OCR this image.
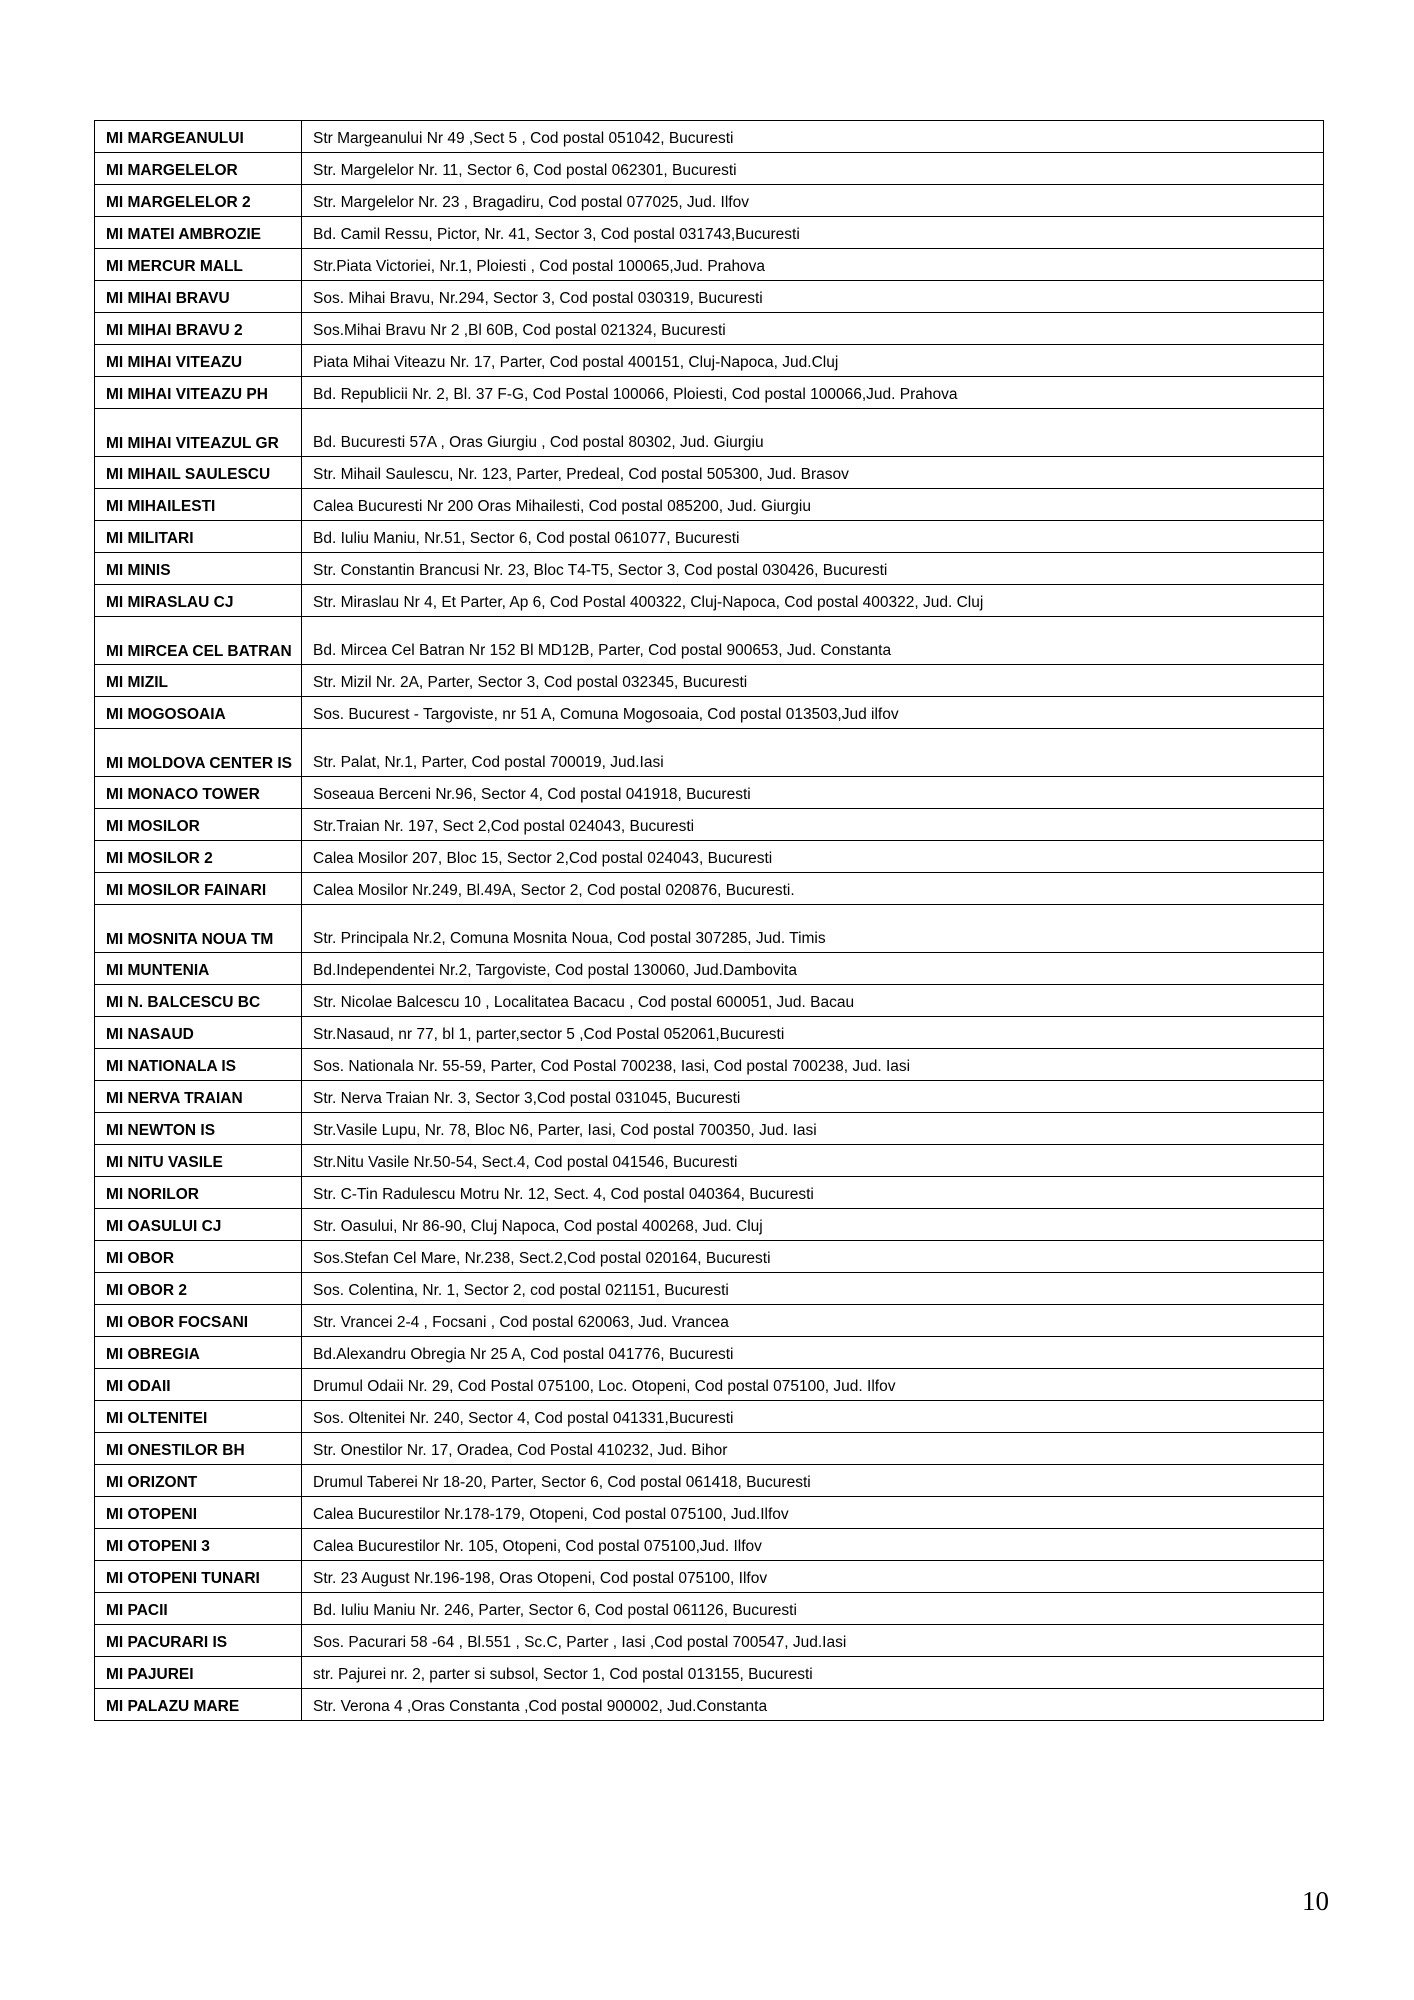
MI MARGEANULUI	Str Margeanului Nr 49 ,Sect 5 , Cod postal 051042, Bucuresti
MI MARGELELOR	Str. Margelelor Nr. 11, Sector 6, Cod postal 062301, Bucuresti
MI MARGELELOR 2	Str. Margelelor Nr. 23 , Bragadiru, Cod postal 077025, Jud. Ilfov
MI MATEI AMBROZIE	Bd. Camil Ressu, Pictor, Nr. 41, Sector 3, Cod postal 031743,Bucuresti
MI MERCUR MALL	Str.Piata Victoriei, Nr.1, Ploiesti , Cod postal 100065,Jud. Prahova
MI MIHAI BRAVU	Sos. Mihai Bravu, Nr.294, Sector 3, Cod postal 030319, Bucuresti
MI MIHAI BRAVU 2	Sos.Mihai Bravu Nr 2 ,Bl 60B, Cod postal 021324, Bucuresti
MI MIHAI VITEAZU	Piata Mihai Viteazu Nr. 17, Parter, Cod postal 400151, Cluj-Napoca, Jud.Cluj
MI MIHAI VITEAZU PH	Bd. Republicii Nr. 2, Bl. 37 F-G, Cod Postal 100066, Ploiesti, Cod postal 100066,Jud. Prahova
MI MIHAI VITEAZUL GR	Bd. Bucuresti 57A , Oras Giurgiu , Cod postal 80302, Jud. Giurgiu
MI MIHAIL SAULESCU	Str. Mihail Saulescu, Nr. 123, Parter, Predeal, Cod postal 505300, Jud. Brasov
MI MIHAILESTI	Calea Bucuresti Nr 200 Oras Mihailesti, Cod postal 085200, Jud. Giurgiu
MI MILITARI	Bd. Iuliu Maniu, Nr.51, Sector 6, Cod postal 061077, Bucuresti
MI MINIS	Str. Constantin Brancusi Nr. 23, Bloc T4-T5, Sector 3, Cod postal 030426, Bucuresti
MI MIRASLAU CJ	Str. Miraslau Nr 4, Et Parter, Ap 6, Cod Postal 400322, Cluj-Napoca, Cod postal 400322, Jud. Cluj
MI MIRCEA CEL BATRAN	Bd. Mircea Cel Batran Nr 152 Bl MD12B, Parter, Cod postal 900653, Jud. Constanta
MI MIZIL	Str. Mizil Nr. 2A, Parter, Sector 3, Cod postal 032345, Bucuresti
MI MOGOSOAIA	Sos. Bucurest - Targoviste, nr 51 A, Comuna Mogosoaia, Cod postal 013503,Jud ilfov
MI MOLDOVA CENTER IS	Str. Palat, Nr.1, Parter, Cod postal 700019, Jud.Iasi
MI MONACO TOWER	Soseaua Berceni Nr.96, Sector 4, Cod postal 041918, Bucuresti
MI MOSILOR	Str.Traian Nr. 197, Sect 2,Cod postal 024043, Bucuresti
MI MOSILOR 2	Calea Mosilor 207, Bloc 15, Sector 2,Cod postal 024043, Bucuresti
MI MOSILOR FAINARI	Calea Mosilor Nr.249, Bl.49A, Sector 2, Cod postal 020876, Bucuresti.
MI MOSNITA NOUA TM	Str. Principala Nr.2, Comuna Mosnita Noua, Cod postal 307285, Jud. Timis
MI MUNTENIA	Bd.Independentei Nr.2, Targoviste, Cod postal 130060, Jud.Dambovita
MI N. BALCESCU BC	Str. Nicolae Balcescu 10 , Localitatea Bacacu , Cod postal 600051, Jud. Bacau
MI NASAUD	Str.Nasaud, nr 77, bl 1, parter,sector 5 ,Cod Postal 052061,Bucuresti
MI NATIONALA IS	Sos. Nationala Nr. 55-59, Parter, Cod Postal 700238, Iasi, Cod postal 700238, Jud. Iasi
MI NERVA TRAIAN	Str. Nerva Traian Nr. 3, Sector 3,Cod postal 031045, Bucuresti
MI NEWTON IS	Str.Vasile Lupu, Nr. 78, Bloc N6, Parter, Iasi, Cod postal 700350, Jud. Iasi
MI NITU VASILE	Str.Nitu Vasile Nr.50-54, Sect.4, Cod postal 041546, Bucuresti
MI NORILOR	Str. C-Tin Radulescu Motru Nr. 12, Sect. 4, Cod postal 040364, Bucuresti
MI OASULUI CJ	Str. Oasului, Nr 86-90, Cluj Napoca, Cod postal 400268, Jud. Cluj
MI OBOR	Sos.Stefan Cel Mare, Nr.238, Sect.2,Cod postal 020164, Bucuresti
MI OBOR 2	Sos. Colentina, Nr. 1, Sector 2, cod postal 021151, Bucuresti
MI OBOR FOCSANI	Str. Vrancei 2-4 , Focsani , Cod postal 620063, Jud. Vrancea
MI OBREGIA	Bd.Alexandru Obregia Nr 25 A, Cod postal 041776, Bucuresti
MI ODAII	Drumul Odaii Nr. 29, Cod Postal 075100, Loc. Otopeni, Cod postal 075100, Jud. Ilfov
MI OLTENITEI	Sos. Oltenitei Nr. 240, Sector 4, Cod postal 041331,Bucuresti
MI ONESTILOR BH	Str. Onestilor Nr. 17, Oradea, Cod Postal 410232, Jud. Bihor
MI ORIZONT	Drumul Taberei Nr 18-20, Parter, Sector 6, Cod postal 061418, Bucuresti
MI OTOPENI	Calea Bucurestilor Nr.178-179, Otopeni, Cod postal 075100, Jud.Ilfov
MI OTOPENI 3	Calea Bucurestilor Nr. 105, Otopeni, Cod postal 075100,Jud. Ilfov
MI OTOPENI TUNARI	Str. 23 August Nr.196-198, Oras Otopeni, Cod postal 075100, Ilfov
MI PACII	Bd. Iuliu Maniu Nr. 246, Parter, Sector 6, Cod postal 061126, Bucuresti
MI PACURARI IS	Sos. Pacurari 58 -64 , Bl.551 , Sc.C, Parter , Iasi ,Cod postal 700547, Jud.Iasi
MI PAJUREI	str. Pajurei nr. 2, parter si subsol, Sector 1, Cod postal 013155, Bucuresti
MI PALAZU MARE	Str. Verona 4 ,Oras Constanta ,Cod postal 900002, Jud.Constanta
10
